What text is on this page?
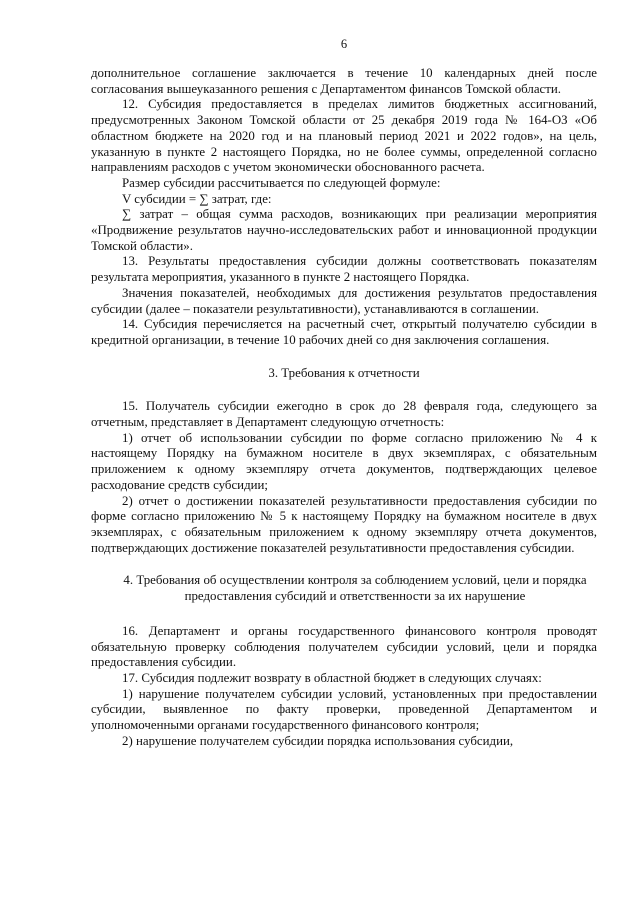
6

дополнительное соглашение заключается в течение 10 календарных дней после согласования вышеуказанного решения с Департаментом финансов Томской области.

12. Субсидия предоставляется в пределах лимитов бюджетных ассигнований, предусмотренных Законом Томской области от 25 декабря 2019 года № 164-ОЗ «Об областном бюджете на 2020 год и на плановый период 2021 и 2022 годов», на цель, указанную в пункте 2 настоящего Порядка, но не более суммы, определенной согласно направлениям расходов с учетом экономически обоснованного расчета.

Размер субсидии рассчитывается по следующей формуле:

V субсидии = ∑ затрат, где:

∑ затрат – общая сумма расходов, возникающих при реализации мероприятия «Продвижение результатов научно-исследовательских работ и инновационной продукции Томской области».

13. Результаты предоставления субсидии должны соответствовать показателям результата мероприятия, указанного в пункте 2 настоящего Порядка.

Значения показателей, необходимых для достижения результатов предоставления субсидии (далее – показатели результативности), устанавливаются в соглашении.

14. Субсидия перечисляется на расчетный счет, открытый получателю субсидии в кредитной организации, в течение 10 рабочих дней со дня заключения соглашения.

3. Требования к отчетности

15. Получатель субсидии ежегодно в срок до 28 февраля года, следующего за отчетным, представляет в Департамент следующую отчетность:

1) отчет об использовании субсидии по форме согласно приложению № 4 к настоящему Порядку на бумажном носителе в двух экземплярах, с обязательным приложением к одному экземпляру отчета документов, подтверждающих целевое расходование средств субсидии;

2) отчет о достижении показателей результативности предоставления субсидии по форме согласно приложению № 5 к настоящему Порядку на бумажном носителе в двух экземплярах, с обязательным приложением к одному экземпляру отчета документов, подтверждающих достижение показателей результативности предоставления субсидии.

4. Требования об осуществлении контроля за соблюдением условий, цели и порядка предоставления субсидий и ответственности за их нарушение

16. Департамент и органы государственного финансового контроля проводят обязательную проверку соблюдения получателем субсидии условий, цели и порядка предоставления субсидии.

17. Субсидия подлежит возврату в областной бюджет в следующих случаях:

1) нарушение получателем субсидии условий, установленных при предоставлении субсидии, выявленное по факту проверки, проведенной Департаментом и уполномоченными органами государственного финансового контроля;

2) нарушение получателем субсидии порядка использования субсидии,
